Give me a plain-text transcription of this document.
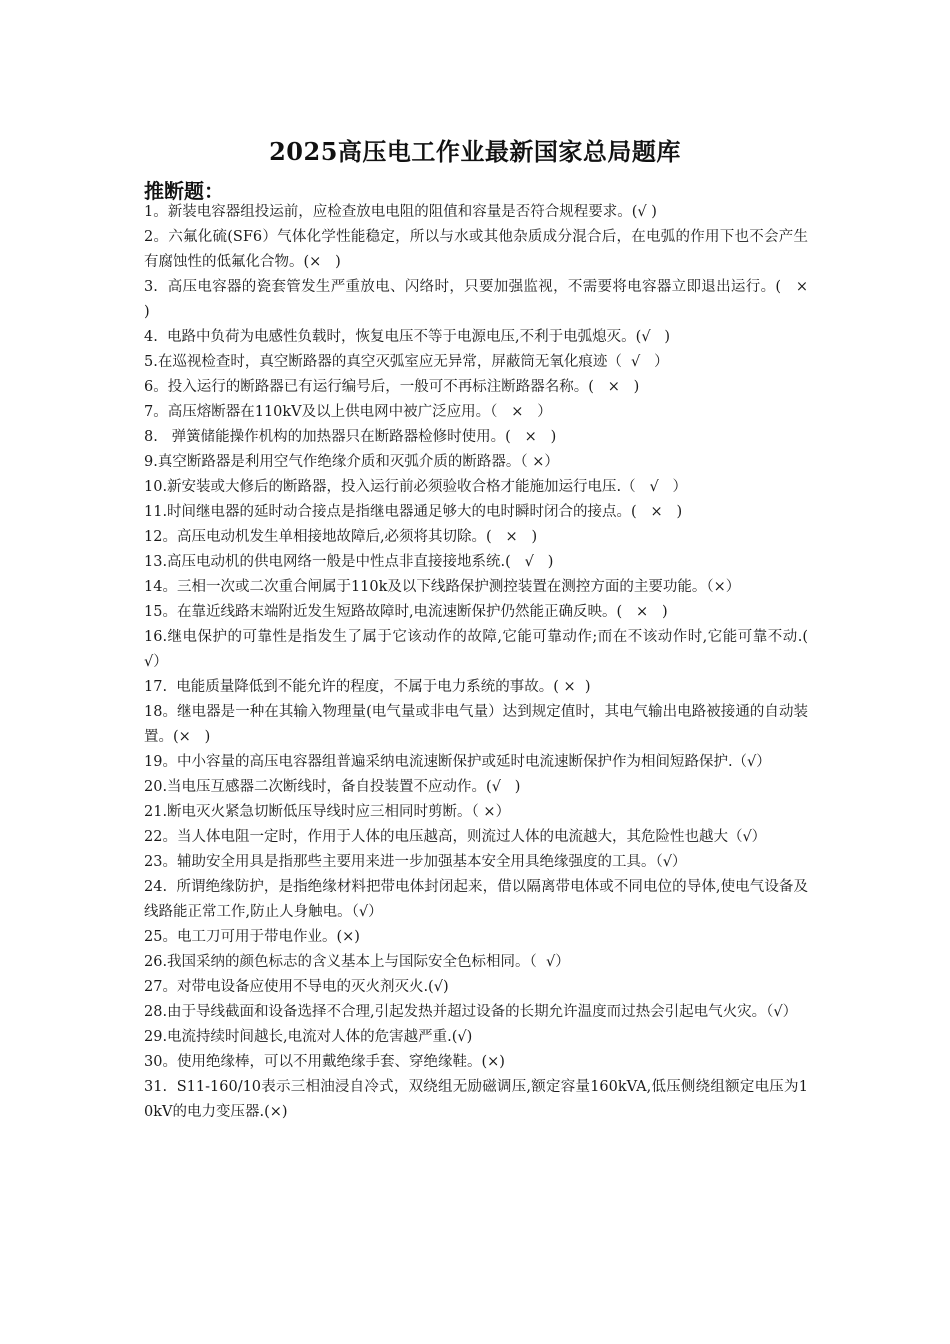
2025高压电工作业最新国家总局题库
推断题：
1。新装电容器组投运前，应检查放电电阻的阻值和容量是否符合规程要求。(√ )
2。六氟化硫(SF6）气体化学性能稳定，所以与水或其他杂质成分混合后，在电弧的作用下也不会产生有腐蚀性的低氟化合物。(×   )
3.  高压电容器的瓷套管发生严重放电、闪络时，只要加强监视，不需要将电容器立即退出运行。(   ×   )
4.  电路中负荷为电感性负载时，恢复电压不等于电源电压,不利于电弧熄灭。(√   )
5.在巡视检查时，真空断路器的真空灭弧室应无异常，屏蔽筒无氧化痕迹（  √   ）
6。投入运行的断路器已有运行编号后，一般可不再标注断路器名称。(   ×   )
7。高压熔断器在110kV及以上供电网中被广泛应用。（   ×   ）
8.   弹簧储能操作机构的加热器只在断路器检修时使用。(   ×   )
9.真空断路器是利用空气作绝缘介质和灭弧介质的断路器。（ ×）
10.新安装或大修后的断路器，投入运行前必须验收合格才能施加运行电压.（   √   ）
11.时间继电器的延时动合接点是指继电器通足够大的电时瞬时闭合的接点。(   ×   )
12。高压电动机发生单相接地故障后,必须将其切除。(   ×   )
13.高压电动机的供电网络一般是中性点非直接接地系统.(   √   )
14。三相一次或二次重合闸属于110k及以下线路保护测控装置在测控方面的主要功能。（×）
15。在靠近线路末端附近发生短路故障时,电流速断保护仍然能正确反映。(   ×   )
16.继电保护的可靠性是指发生了属于它该动作的故障,它能可靠动作;而在不该动作时,它能可靠不动.(       √）
17.  电能质量降低到不能允许的程度，不属于电力系统的事故。( ×  )
18。继电器是一种在其输入物理量(电气量或非电气量）达到规定值时，其电气输出电路被接通的自动装置。(×   )
19。中小容量的高压电容器组普遍采纳电流速断保护或延时电流速断保护作为相间短路保护.（√）
20.当电压互感器二次断线时，备自投装置不应动作。(√   )
21.断电灭火紧急切断低压导线时应三相同时剪断。（ ×）
22。当人体电阻一定时，作用于人体的电压越高，则流过人体的电流越大，其危险性也越大（√）
23。辅助安全用具是指那些主要用来进一步加强基本安全用具绝缘强度的工具。（√）
24.  所谓绝缘防护，是指绝缘材料把带电体封闭起来，借以隔离带电体或不同电位的导体,使电气设备及线路能正常工作,防止人身触电。（√）
25。电工刀可用于带电作业。(×)
26.我国采纳的颜色标志的含义基本上与国际安全色标相同。（  √）
27。对带电设备应使用不导电的灭火剂灭火.(√)
28.由于导线截面和设备选择不合理,引起发热并超过设备的长期允许温度而过热会引起电气火灾。（√）
29.电流持续时间越长,电流对人体的危害越严重.(√)
30。使用绝缘棒，可以不用戴绝缘手套、穿绝缘鞋。(×)
31.  S11-160/10表示三相油浸自冷式，双绕组无励磁调压,额定容量160kVA,低压侧绕组额定电压为10kV的电力变压器.(×)
